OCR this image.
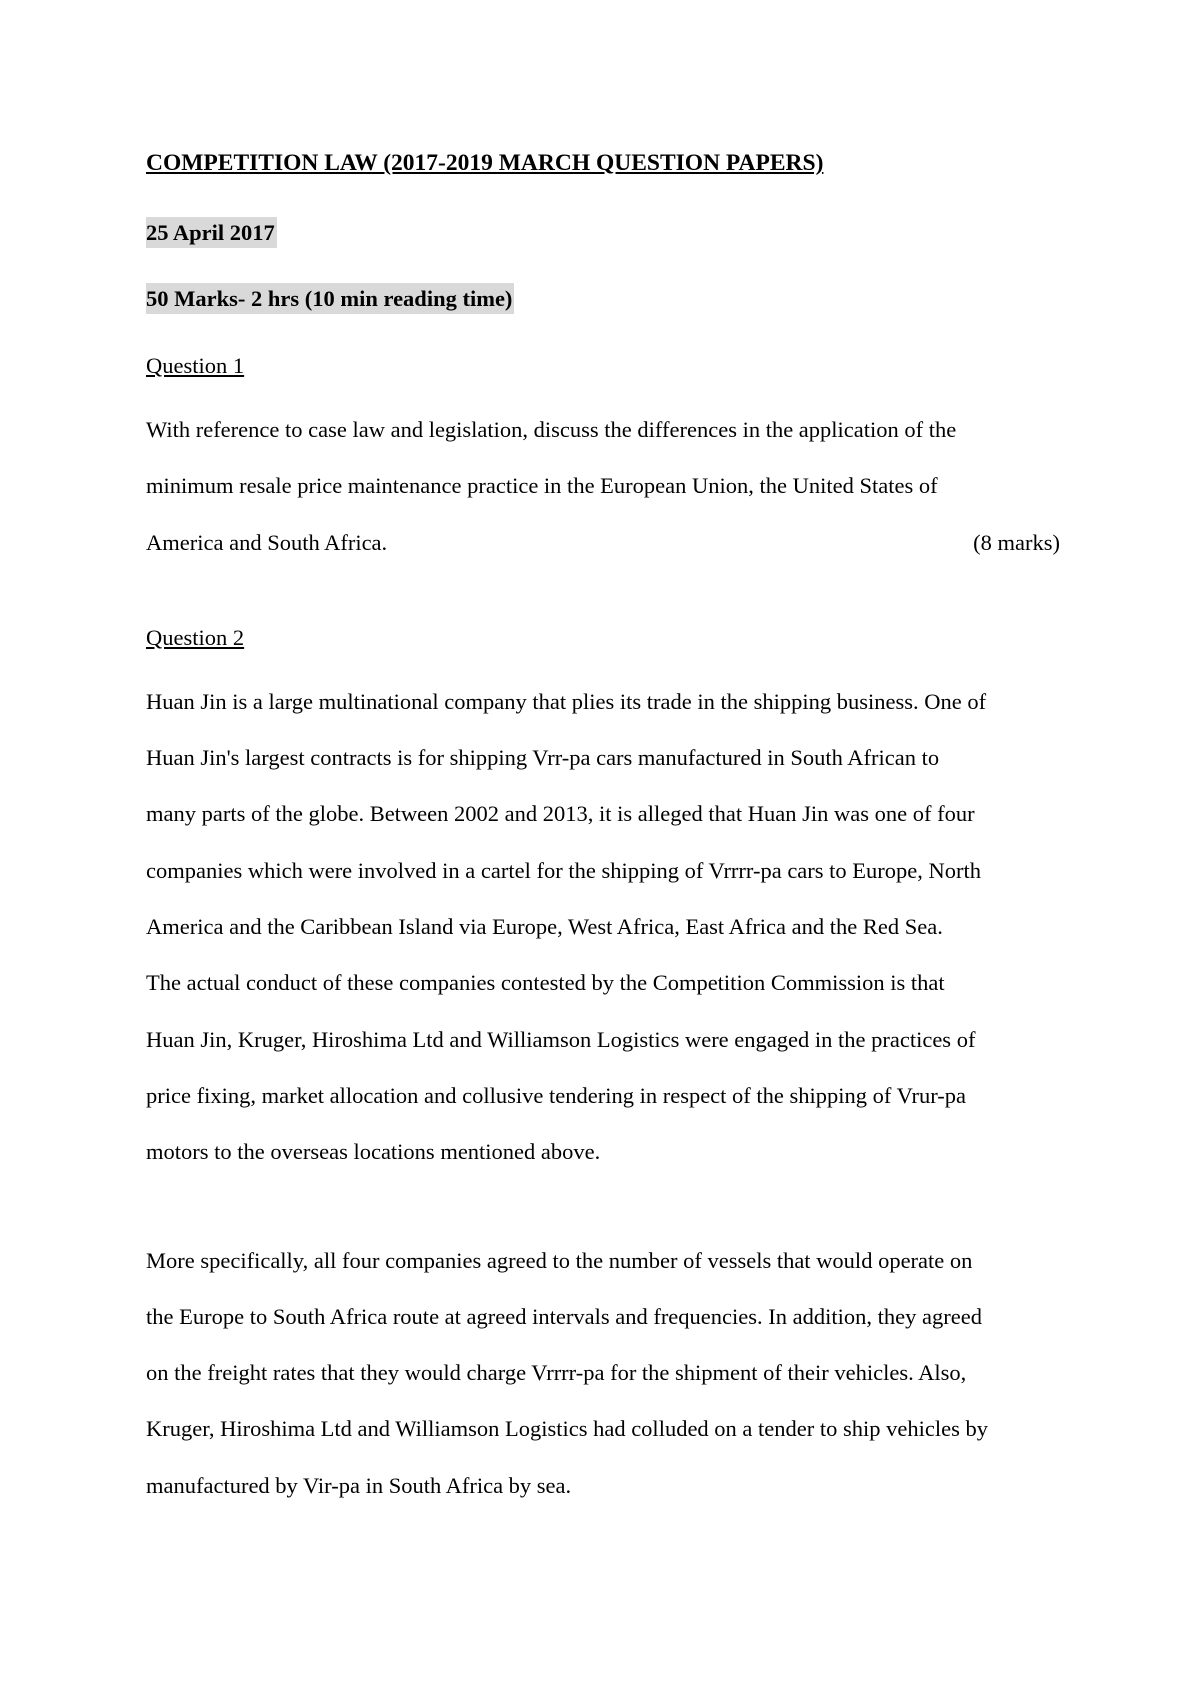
COMPETITION LAW (2017-2019 MARCH QUESTION PAPERS)
25 April 2017
50 Marks- 2 hrs (10 min reading time)
Question 1
With reference to case law and legislation, discuss the differences in the application of the
minimum resale price maintenance practice in the European Union, the United States of
America and South Africa.	(8 marks)
Question 2
Huan Jin is a large multinational company that plies its trade in the shipping business. One of
Huan Jin's largest contracts is for shipping Vrr-pa cars manufactured in South African to
many parts of the globe. Between 2002 and 2013, it is alleged that Huan Jin was one of four
companies which were involved in a cartel for the shipping of Vrrrr-pa cars to Europe, North
America and the Caribbean Island via Europe, West Africa, East Africa and the Red Sea.
The actual conduct of these companies contested by the Competition Commission is that
Huan Jin, Kruger, Hiroshima Ltd and Williamson Logistics were engaged in the practices of
price fixing, market allocation and collusive tendering in respect of the shipping of Vrur-pa
motors to the overseas locations mentioned above.
More specifically, all four companies agreed to the number of vessels that would operate on
the Europe to South Africa route at agreed intervals and frequencies. In addition, they agreed
on the freight rates that they would charge Vrrrr-pa for the shipment of their vehicles. Also,
Kruger, Hiroshima Ltd and Williamson Logistics had colluded on a tender to ship vehicles by
manufactured by Vir-pa in South Africa by sea.
